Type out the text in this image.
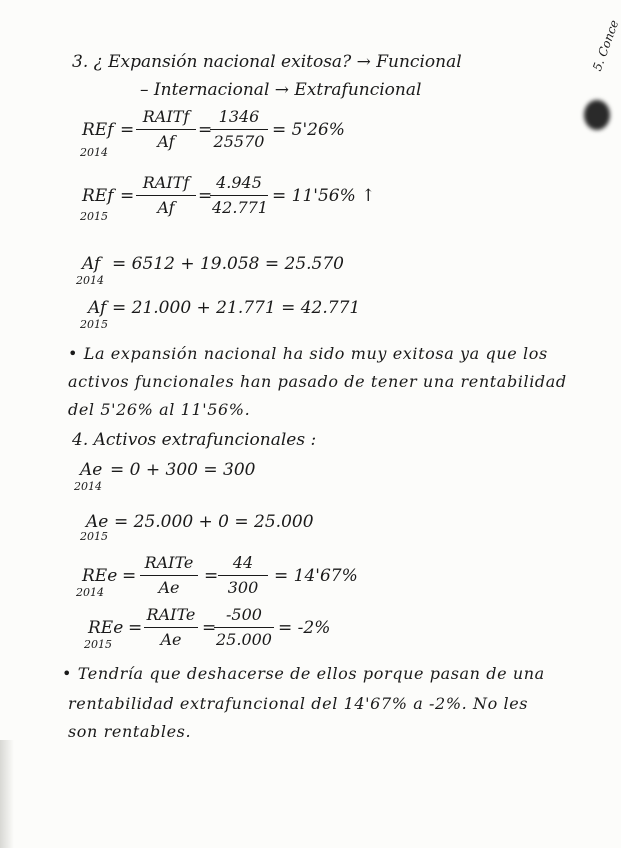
5. Conce
3. ¿ Expansión nacional exitosa? → Funcional
– Internacional → Extrafuncional
REf
2014
=
RAITf
Af
=
1346
25570
= 5'26%
REf
2015
=
RAITf
Af
=
4.945
42.771
= 11'56% ↑
Af
2014
= 6512 + 19.058 = 25.570
Af
2015
= 21.000 + 21.771 = 42.771
• La expansión nacional ha sido muy exitosa ya que los
activos funcionales han pasado de tener una rentabilidad
del 5'26% al 11'56%.
4. Activos extrafuncionales :
Ae
2014
= 0 + 300 = 300
Ae
2015
= 25.000 + 0 = 25.000
REe
2014
=
RAITe
Ae
=
44
300
= 14'67%
REe
2015
=
RAITe
Ae
=
-500
25.000
= -2%
• Tendría que deshacerse de ellos porque pasan de una
rentabilidad extrafuncional del 14'67% a -2%. No les
son rentables.
